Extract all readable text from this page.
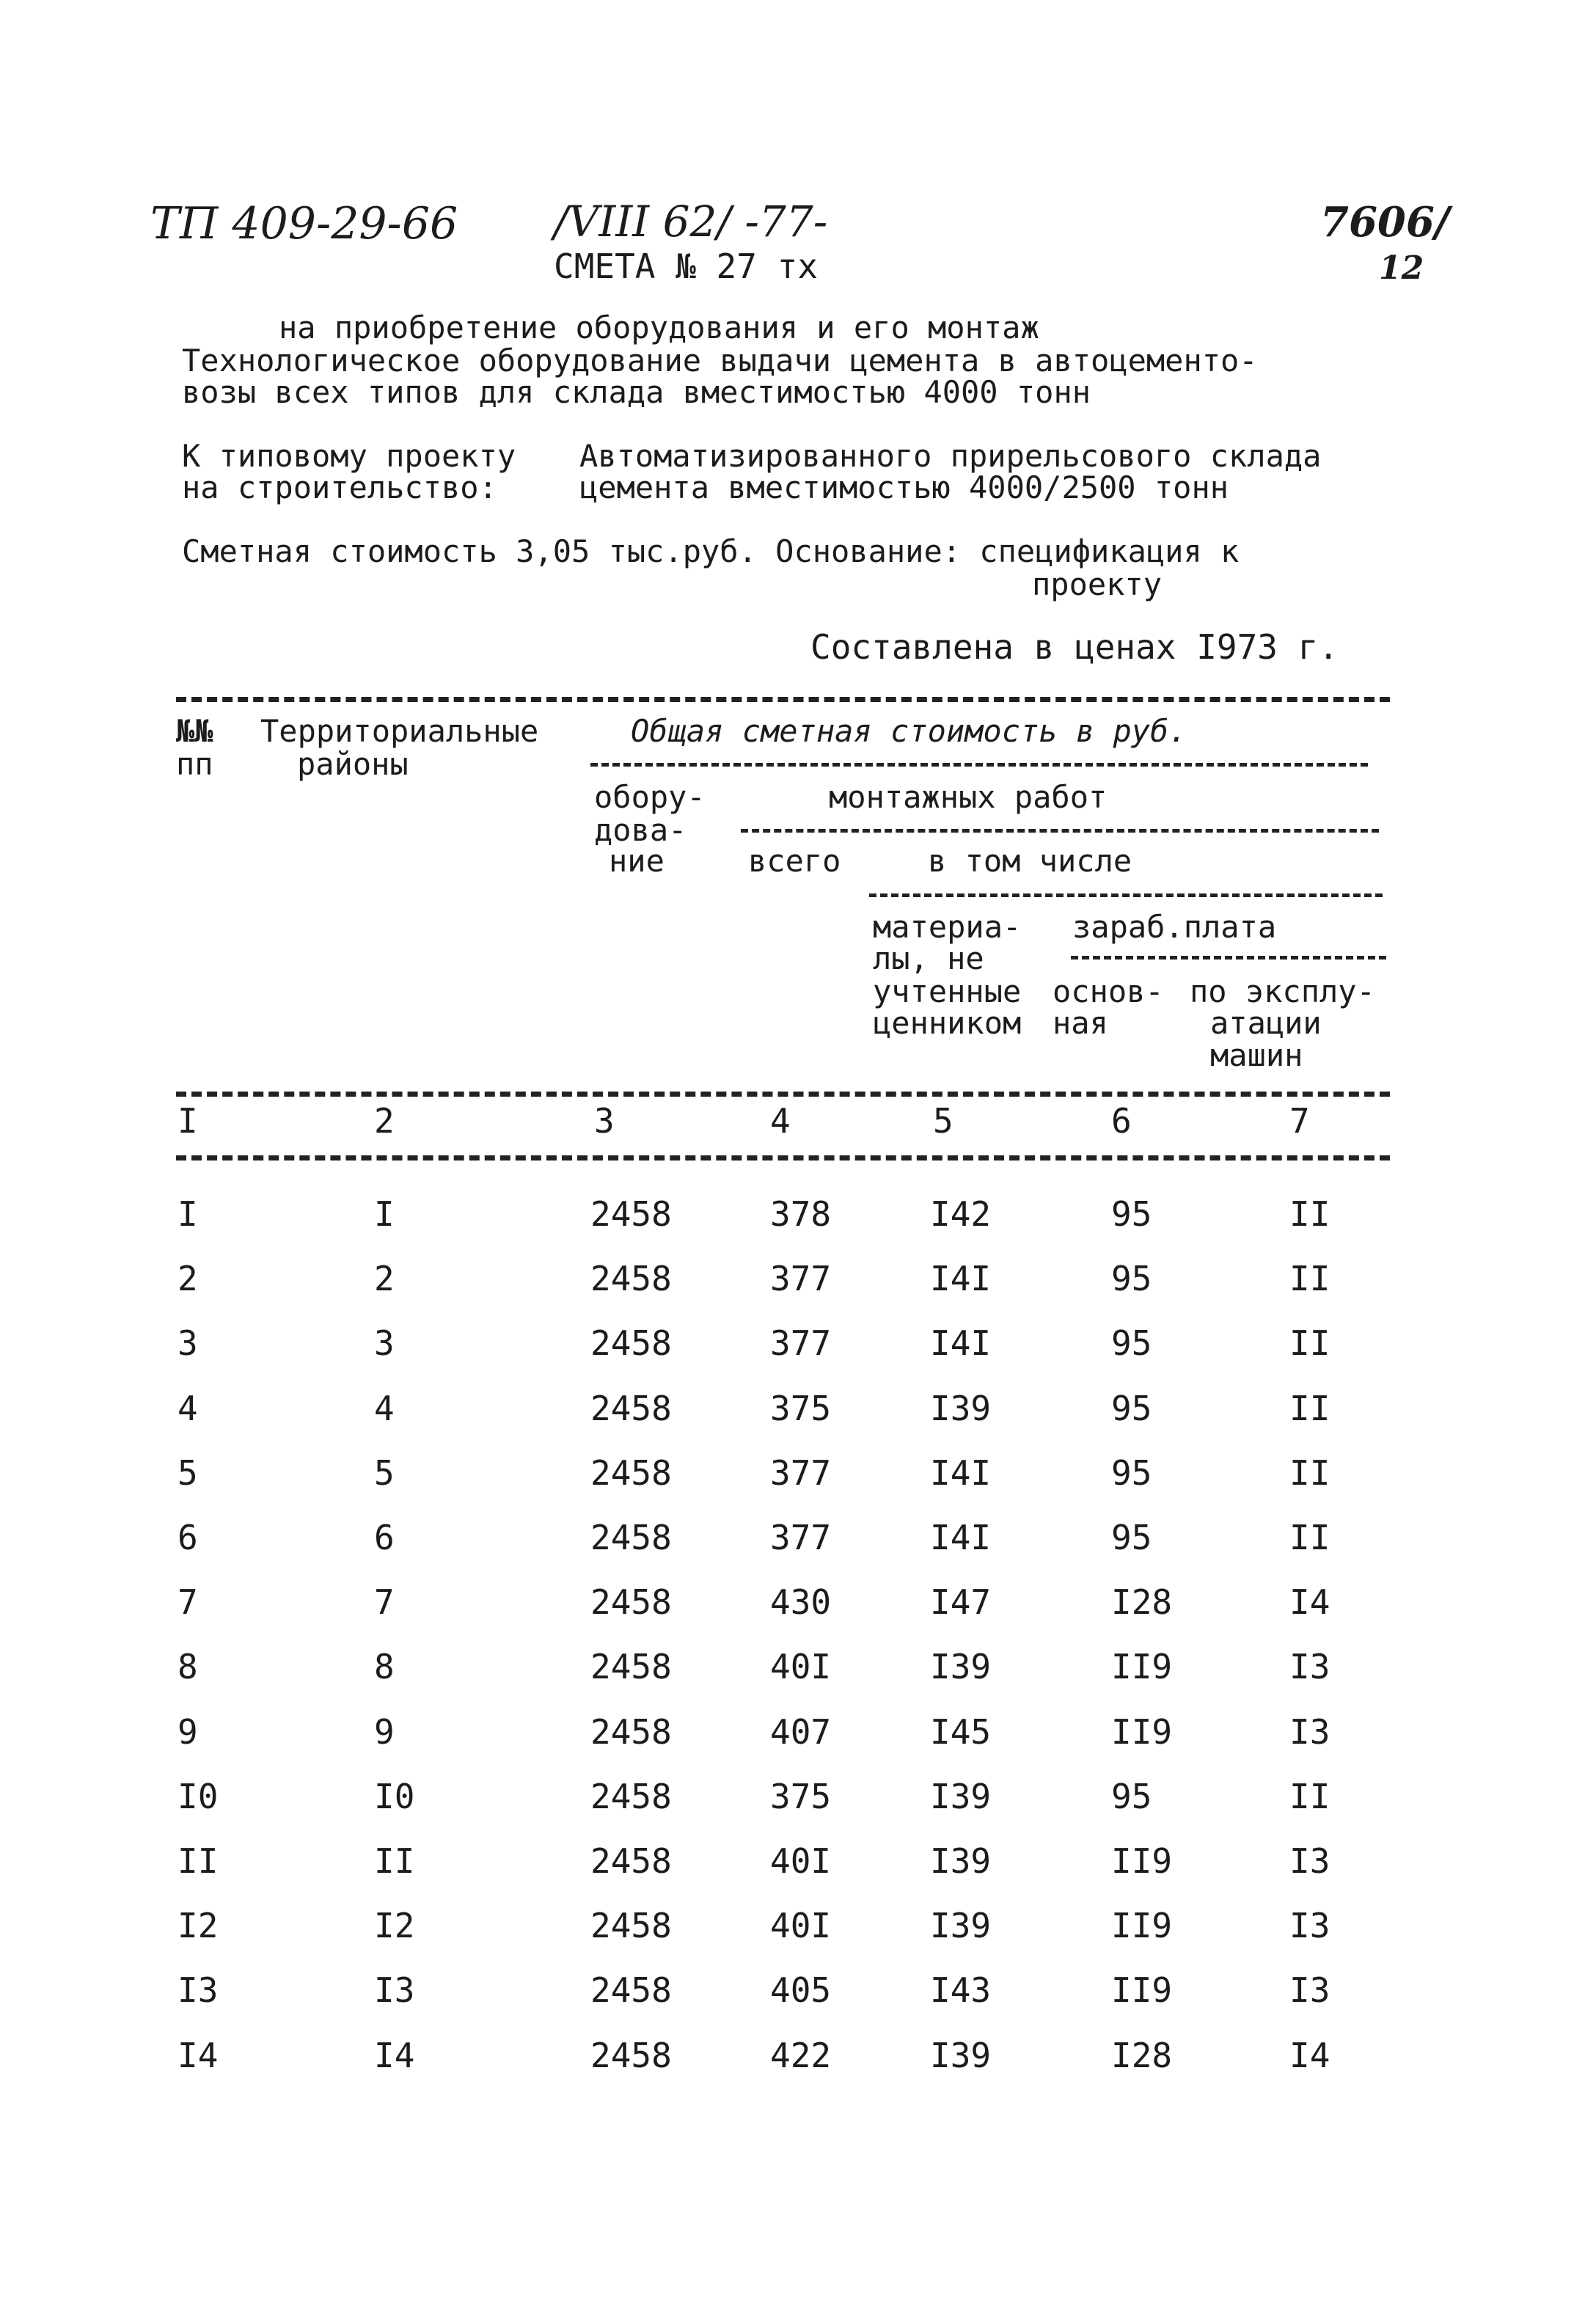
ТП 409-29-66 /VIII 62/ -77-	7606/
12
СМЕТА № 27 тх
на приобретение оборудования и его монтаж
Технологическое оборудование выдачи цемента в автоцементо-
возы всех типов для склада вместимостью 4000 тонн
К типовому проекту
на строительство:
Автоматизированного прирельсового склада
цемента вместимостью 4000/2500 тонн
Сметная стоимость 3,05 тыс.руб. Основание: спецификация к
проекту
Составлена в ценах I973 г.
№№
пп
Территориальные
районы
Общая сметная стоимость в руб.
обору-
дова-
ние
монтажных работ
всего	в том числе
материа-
лы, не
учтенные
ценником
зараб.плата
основ-
ная
по эксплу-
атации
машин
I	2	3	4	5	6	7
I	I	2458	378	I42	95	II
2	2	2458	377	I4I	95	II
3	3	2458	377	I4I	95	II
4	4	2458	375	I39	95	II
5	5	2458	377	I4I	95	II
6	6	2458	377	I4I	95	II
7	7	2458	430	I47	I28	I4
8	8	2458	40I	I39	II9	I3
9	9	2458	407	I45	II9	I3
I0	I0	2458	375	I39	95	II
II	II	2458	40I	I39	II9	I3
I2	I2	2458	40I	I39	II9	I3
I3	I3	2458	405	I43	II9	I3
I4	I4	2458	422	I39	I28	I4
